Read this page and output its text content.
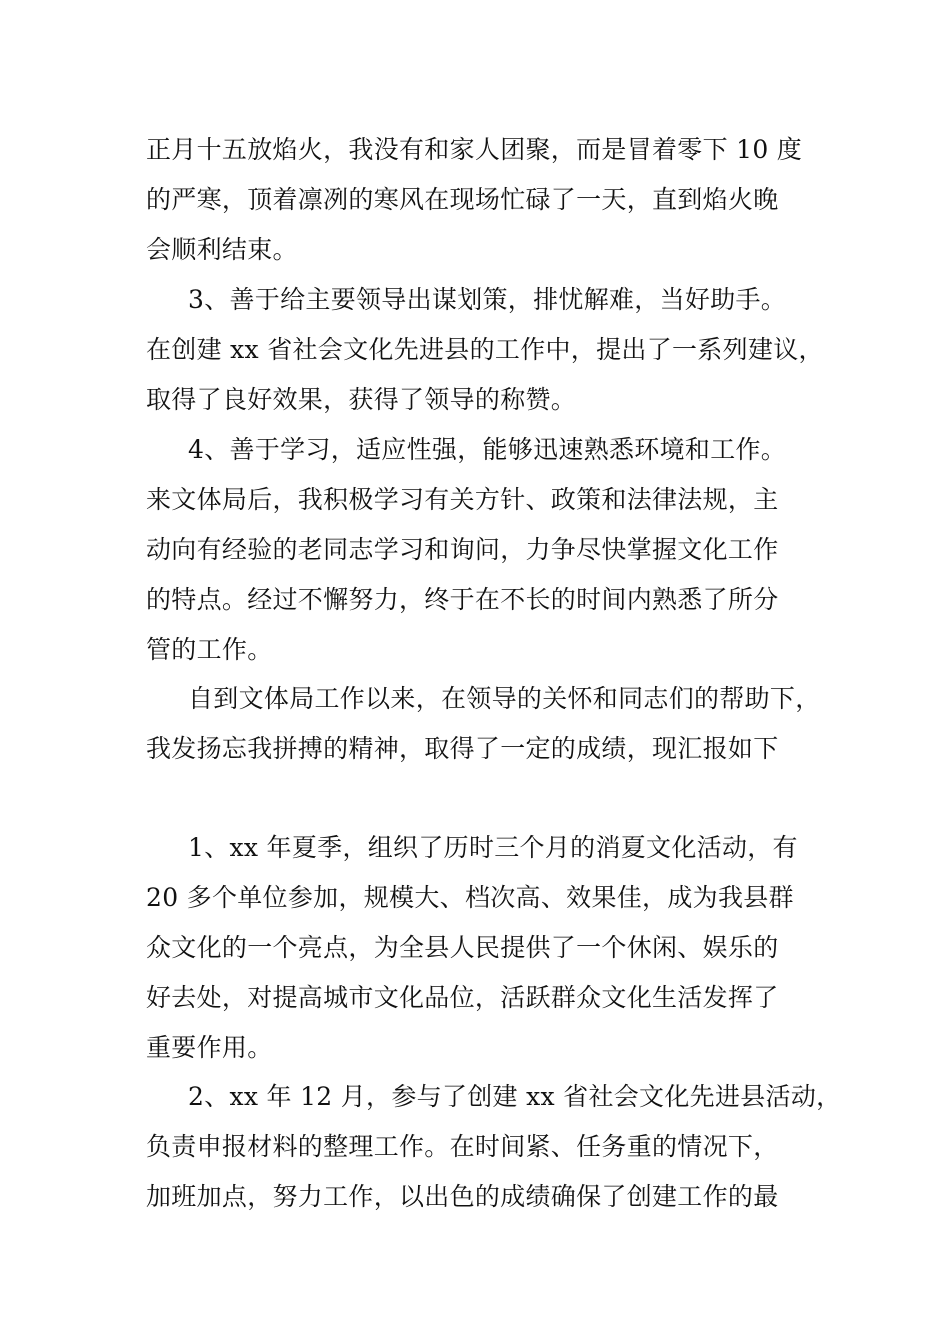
正月十五放焰火，我没有和家人团聚，而是冒着零下 10 度
的严寒，顶着凛冽的寒风在现场忙碌了一天，直到焰火晚
会顺利结束。
3、善于给主要领导出谋划策，排忧解难，当好助手。
在创建 xx 省社会文化先进县的工作中，提出了一系列建议，
取得了良好效果，获得了领导的称赞。
4、善于学习，适应性强，能够迅速熟悉环境和工作。
来文体局后，我积极学习有关方针、政策和法律法规，主
动向有经验的老同志学习和询问，力争尽快掌握文化工作
的特点。经过不懈努力，终于在不长的时间内熟悉了所分
管的工作。
自到文体局工作以来，在领导的关怀和同志们的帮助下，
我发扬忘我拼搏的精神，取得了一定的成绩，现汇报如下
1、xx 年夏季，组织了历时三个月的消夏文化活动，有
20 多个单位参加，规模大、档次高、效果佳，成为我县群
众文化的一个亮点，为全县人民提供了一个休闲、娱乐的
好去处，对提高城市文化品位，活跃群众文化生活发挥了
重要作用。
2、xx 年 12 月，参与了创建 xx 省社会文化先进县活动，
负责申报材料的整理工作。在时间紧、任务重的情况下，
加班加点，努力工作，以出色的成绩确保了创建工作的最
